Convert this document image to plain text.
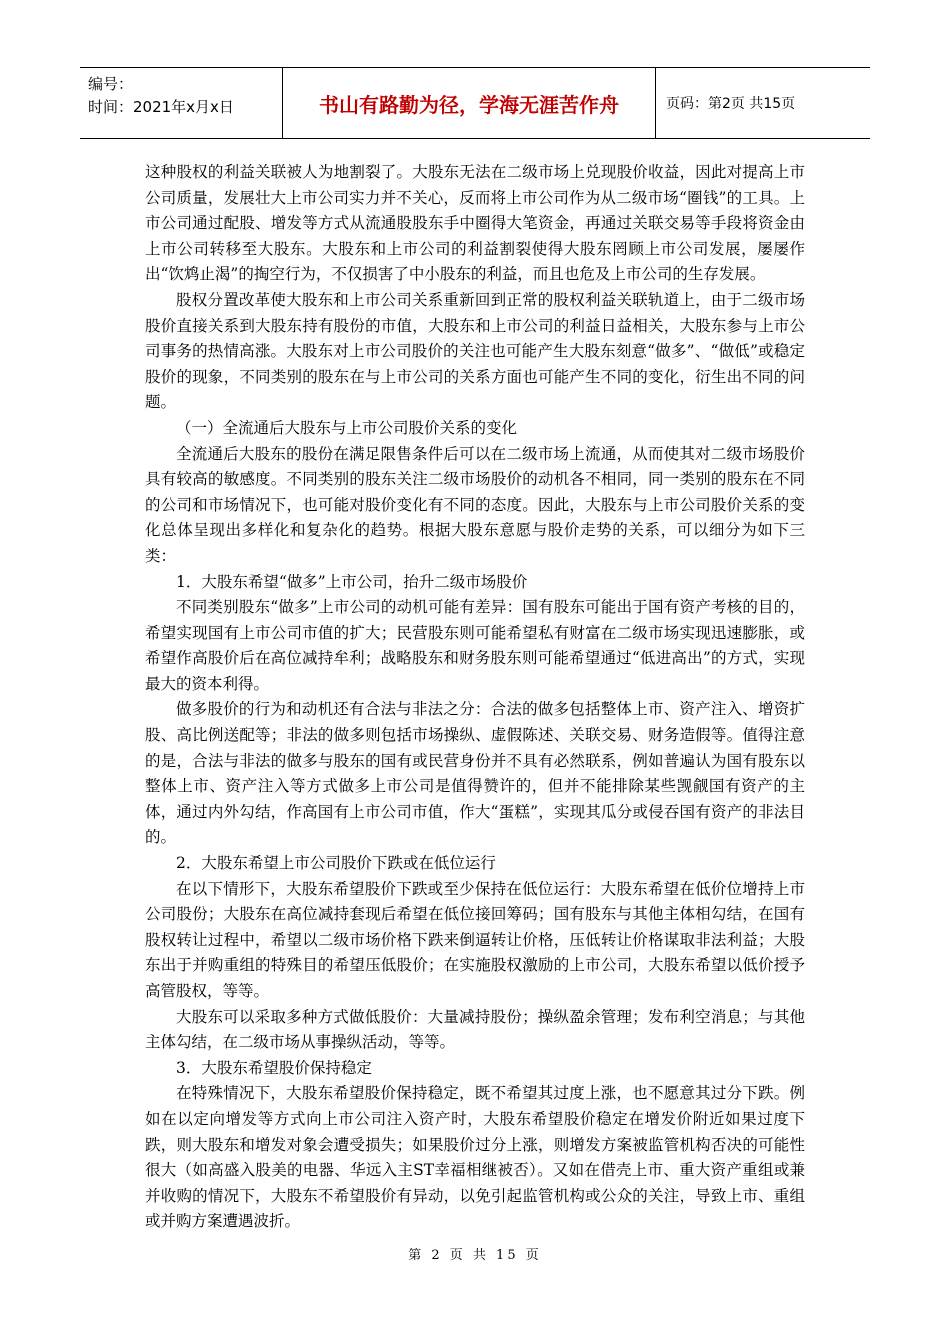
编号：
时间：2021年x月x日	书山有路勤为径，学海无涯苦作舟	页码：第2页 共15页

这种股权的利益关联被人为地割裂了。大股东无法在二级市场上兑现股价收益，因此对提高上市公司质量，发展壮大上市公司实力并不关心，反而将上市公司作为从二级市场“圈钱”的工具。上市公司通过配股、增发等方式从流通股股东手中圈得大笔资金，再通过关联交易等手段将资金由上市公司转移至大股东。大股东和上市公司的利益割裂使得大股东罔顾上市公司发展，屡屡作出“饮鸩止渴”的掏空行为，不仅损害了中小股东的利益，而且也危及上市公司的生存发展。

股权分置改革使大股东和上市公司关系重新回到正常的股权利益关联轨道上，由于二级市场股价直接关系到大股东持有股份的市值，大股东和上市公司的利益日益相关，大股东参与上市公司事务的热情高涨。大股东对上市公司股价的关注也可能产生大股东刻意“做多”、“做低”或稳定股价的现象，不同类别的股东在与上市公司的关系方面也可能产生不同的变化，衍生出不同的问题。

（一）全流通后大股东与上市公司股价关系的变化

全流通后大股东的股份在满足限售条件后可以在二级市场上流通，从而使其对二级市场股价具有较高的敏感度。不同类别的股东关注二级市场股价的动机各不相同，同一类别的股东在不同的公司和市场情况下，也可能对股价变化有不同的态度。因此，大股东与上市公司股价关系的变化总体呈现出多样化和复杂化的趋势。根据大股东意愿与股价走势的关系，可以细分为如下三类：

1．大股东希望“做多”上市公司，抬升二级市场股价

不同类别股东“做多”上市公司的动机可能有差异：国有股东可能出于国有资产考核的目的，希望实现国有上市公司市值的扩大；民营股东则可能希望私有财富在二级市场实现迅速膨胀，或希望作高股价后在高位减持牟利；战略股东和财务股东则可能希望通过“低进高出”的方式，实现最大的资本利得。

做多股价的行为和动机还有合法与非法之分：合法的做多包括整体上市、资产注入、增资扩股、高比例送配等；非法的做多则包括市场操纵、虚假陈述、关联交易、财务造假等。值得注意的是，合法与非法的做多与股东的国有或民营身份并不具有必然联系，例如普遍认为国有股东以整体上市、资产注入等方式做多上市公司是值得赞许的，但并不能排除某些觊觎国有资产的主体，通过内外勾结，作高国有上市公司市值，作大“蛋糕”，实现其瓜分或侵吞国有资产的非法目的。

2．大股东希望上市公司股价下跌或在低位运行

在以下情形下，大股东希望股价下跌或至少保持在低位运行：大股东希望在低价位增持上市公司股份；大股东在高位减持套现后希望在低位接回筹码；国有股东与其他主体相勾结，在国有股权转让过程中，希望以二级市场价格下跌来倒逼转让价格，压低转让价格谋取非法利益；大股东出于并购重组的特殊目的希望压低股价；在实施股权激励的上市公司，大股东希望以低价授予高管股权，等等。

大股东可以采取多种方式做低股价：大量减持股份；操纵盈余管理；发布利空消息；与其他主体勾结，在二级市场从事操纵活动，等等。

3．大股东希望股价保持稳定

在特殊情况下，大股东希望股价保持稳定，既不希望其过度上涨，也不愿意其过分下跌。例如在以定向增发等方式向上市公司注入资产时，大股东希望股价稳定在增发价附近如果过度下跌，则大股东和增发对象会遭受损失；如果股价过分上涨，则增发方案被监管机构否决的可能性很大（如高盛入股美的电器、华远入主ST幸福相继被否）。又如在借壳上市、重大资产重组或兼并收购的情况下，大股东不希望股价有异动，以免引起监管机构或公众的关注，导致上市、重组或并购方案遭遇波折。

第 2 页 共 15 页
